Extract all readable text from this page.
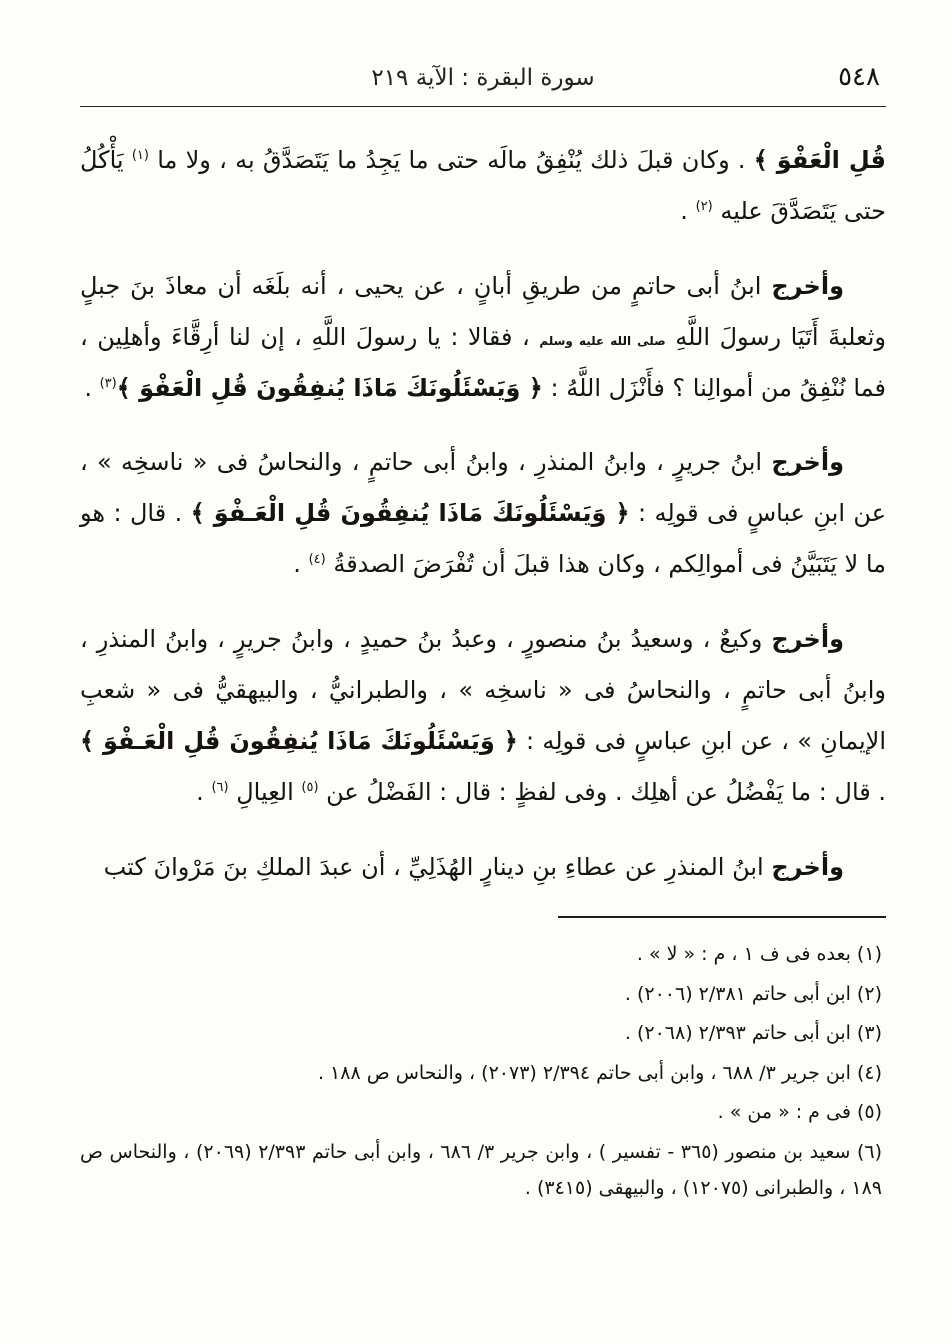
٥٤٨
سورة البقرة : الآية ٢١٩

قُلِ الْعَفْوَ ﴾ . وكان قبلَ ذلك يُنْفِقُ مالَه حتى ما يَجِدُ ما يَتَصَدَّقُ به ، ولا ما $^{(١)}$ يَأْكُلُ حتى يَتَصَدَّقَ عليه $^{(٢)}$ .

وأخرج ابنُ أبى حاتمٍ من طريقِ أبانٍ ، عن يحيى ، أنه بلَغَه أن معاذَ بنَ جبلٍ وثعلبةَ أَتَيَا رسولَ اللَّهِ صلى الله عليه وسلم ، فقالا : يا رسولَ اللَّهِ ، إن لنا أرِقَّاءَ وأهلِين ، فما نُنْفِقُ من أموالِنا ؟ فأَنْزَل اللَّهُ : ﴿ وَيَسْئَلُونَكَ مَاذَا يُنفِقُونَ قُلِ الْعَفْوَ ﴾$^{(٣)}$ .

وأخرج ابنُ جريرٍ ، وابنُ المنذرِ ، وابنُ أبى حاتمٍ ، والنحاسُ فى « ناسخِه » ، عن ابنِ عباسٍ فى قولِه : ﴿ وَيَسْئَلُونَكَ مَاذَا يُنفِقُونَ قُلِ الْعَـفْوَ ﴾ . قال : هو ما لا يَتَبَيَّنُ فى أموالِكم ، وكان هذا قبلَ أن تُفْرَضَ الصدقةُ $^{(٤)}$ .

وأخرج وكيعٌ ، وسعيدُ بنُ منصورٍ ، وعبدُ بنُ حميدٍ ، وابنُ جريرٍ ، وابنُ المنذرِ ، وابنُ أبى حاتمٍ ، والنحاسُ فى « ناسخِه » ، والطبرانيُّ ، والبيهقيُّ فى « شعبِ الإيمانِ » ، عن ابنِ عباسٍ فى قولِه : ﴿ وَيَسْئَلُونَكَ مَاذَا يُنفِقُونَ قُلِ الْعَـفْوَ ﴾ . قال : ما يَفْضُلُ عن أهلِك . وفى لفظٍ : قال : الفَضْلُ عن $^{(٥)}$ العِيالِ $^{(٦)}$ .

وأخرج ابنُ المنذرِ عن عطاءِ بنِ دينارٍ الهُذَلِيِّ ، أن عبدَ الملكِ بنَ مَرْوانَ كتب

(١) بعده فى ف ١ ، م : « لا » .
(٢) ابن أبى حاتم ٢/٣٨١ (٢٠٠٦) .
(٣) ابن أبى حاتم ٢/٣٩٣ (٢٠٦٨) .
(٤) ابن جرير ٣/ ٦٨٨ ، وابن أبى حاتم ٢/٣٩٤ (٢٠٧٣) ، والنحاس ص ١٨٨ .
(٥) فى م : « من » .
(٦) سعيد بن منصور (٣٦٥ - تفسير ) ، وابن جرير ٣/ ٦٨٦ ، وابن أبى حاتم ٢/٣٩٣ (٢٠٦٩) ، والنحاس ص ١٨٩ ، والطبرانى (١٢٠٧٥) ، والبيهقى (٣٤١٥) .
